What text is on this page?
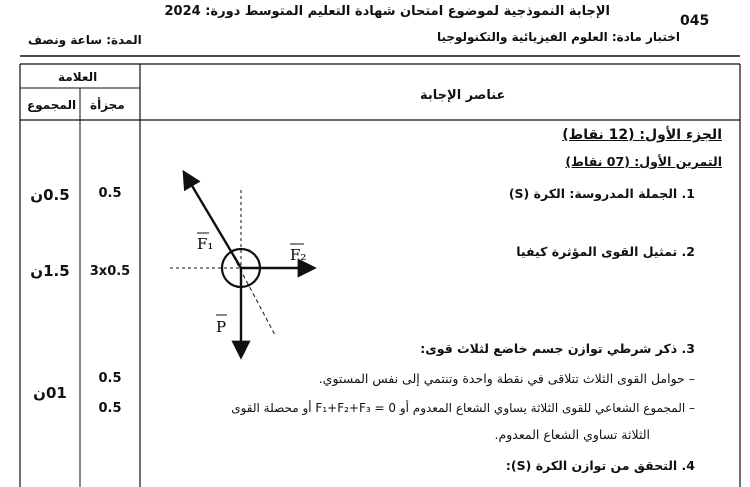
045
الإجابة النموذجية لموضوع امتحان شهادة التعليم المتوسط دورة: 2024
اختبار مادة: العلوم الفيزيائية والتكنولوجيا
المدة: ساعة ونصف
العلامة
مجزأة
المجموع
عناصر الإجابة
الجزء الأول: (12 نقاط)
التمرين الأول: (07 نقاط)
1. الجملة المدروسة: الكرة (S)
2. تمثيل القوى المؤثرة كيفيا
3. ذكر شرطي توازن جسم خاضع لثلاث قوى:
– حوامل القوى الثلاث تتلاقى في نقطة واحدة وتنتمي إلى نفس المستوي.
– المجموع الشعاعي للقوى الثلاثة يساوي الشعاع المعدوم أو F₁+F₂+F₃ = 0 أو محصلة القوى
الثلاثة تساوي الشعاع المعدوم.
4. التحقق من توازن الكرة (S):
0.5
0.5ن
3x0.5
1.5ن
0.5
0.5
01ن
F₁
F₂
P
